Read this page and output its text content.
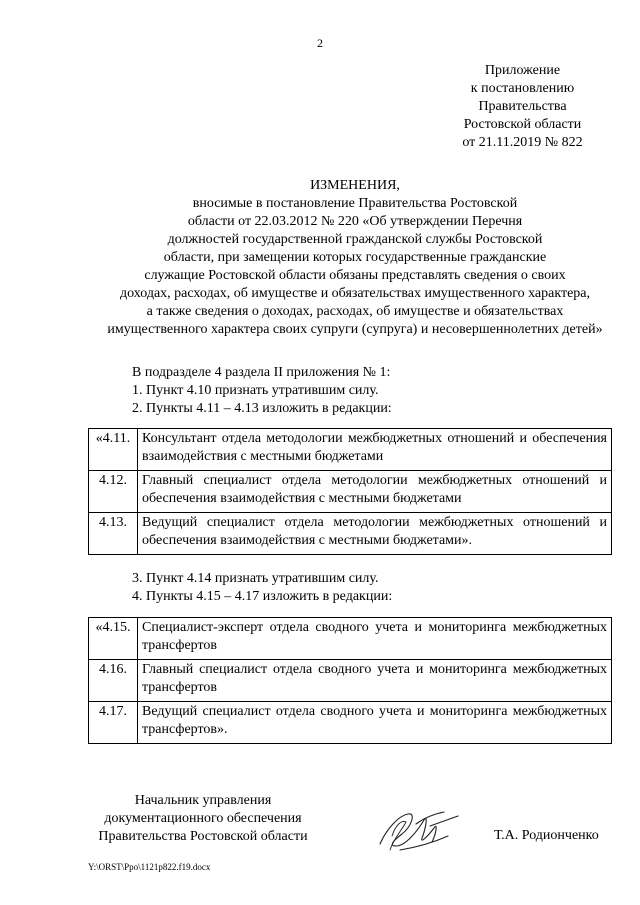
2
Приложение
к постановлению
Правительства
Ростовской области
от 21.11.2019 № 822
ИЗМЕНЕНИЯ,
вносимые в постановление Правительства Ростовской
области от 22.03.2012 № 220 «Об утверждении Перечня
должностей государственной гражданской службы Ростовской
области, при замещении которых государственные гражданские
служащие Ростовской области обязаны представлять сведения о своих
доходах, расходах, об имуществе и обязательствах имущественного характера,
а также сведения о доходах, расходах, об имуществе и обязательствах
имущественного характера своих супруги (супруга) и несовершеннолетних детей»
В подразделе 4 раздела II приложения № 1:
1. Пункт 4.10 признать утратившим силу.
2. Пункты 4.11 – 4.13 изложить в редакции:
«4.11.	Консультант отдела методологии межбюджетных отношений и обеспечения взаимодействия с местными бюджетами
4.12.	Главный специалист отдела методологии межбюджетных отношений и обеспечения взаимодействия с местными бюджетами
4.13.	Ведущий специалист отдела методологии межбюджетных отношений и обеспечения взаимодействия с местными бюджетами».
3. Пункт 4.14 признать утратившим силу.
4. Пункты 4.15 – 4.17 изложить в редакции:
«4.15.	Специалист-эксперт отдела сводного учета и мониторинга межбюджетных трансфертов
4.16.	Главный специалист отдела сводного учета и мониторинга межбюджетных трансфертов
4.17.	Ведущий специалист отдела сводного учета и мониторинга межбюджетных трансфертов».
Начальник управления
документационного обеспечения
Правительства Ростовской области	Т.А. Родионченко
Y:\ORST\Ppo\1121p822.f19.docx
